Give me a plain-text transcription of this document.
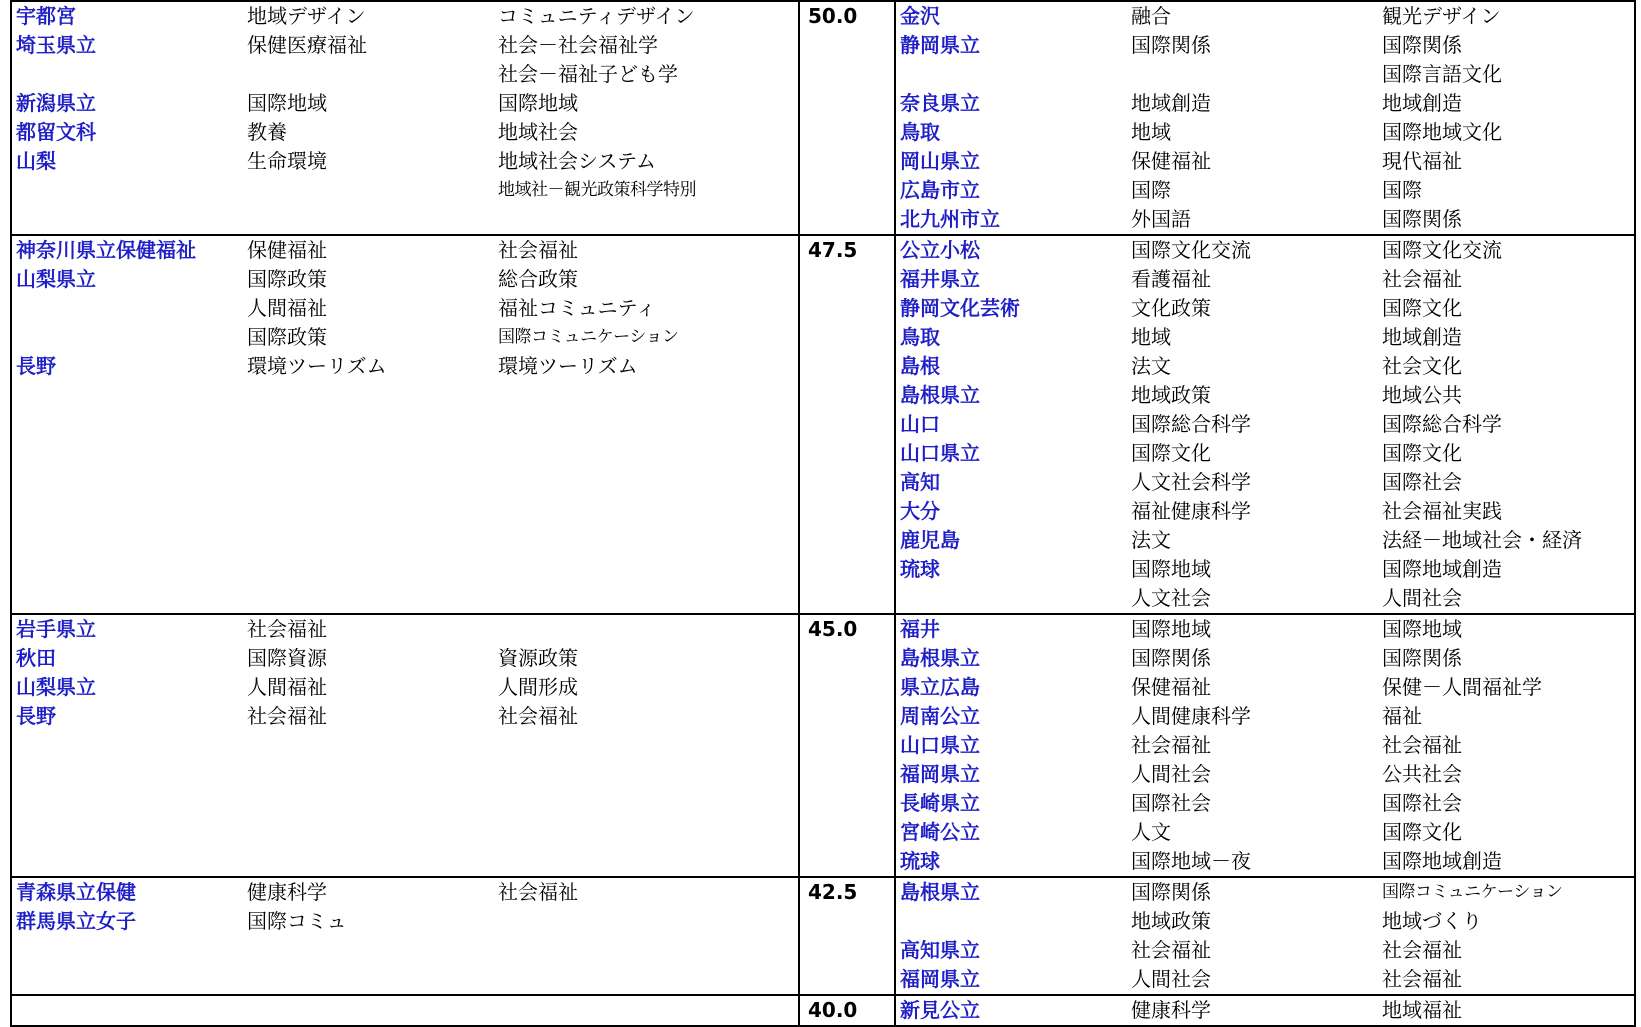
宇都宮	地域デザイン	コミュニティデザイン	50.0	金沢	融合	観光デザイン
埼玉県立	保健医療福祉	社会－社会福祉学		静岡県立	国際関係	国際関係
		社会－福祉子ども学				国際言語文化
新潟県立	国際地域	国際地域		奈良県立	地域創造	地域創造
都留文科	教養	地域社会		鳥取	地域	国際地域文化
山梨	生命環境	地域社会システム		岡山県立	保健福祉	現代福祉
		地域社－観光政策科学特別		広島市立	国際	国際
				北九州市立	外国語	国際関係
神奈川県立保健福祉	保健福祉	社会福祉	47.5	公立小松	国際文化交流	国際文化交流
山梨県立	国際政策	総合政策		福井県立	看護福祉	社会福祉
	人間福祉	福祉コミュニティ		静岡文化芸術	文化政策	国際文化
	国際政策	国際コミュニケーション		鳥取	地域	地域創造
長野	環境ツーリズム	環境ツーリズム		島根	法文	社会文化
				島根県立	地域政策	地域公共
				山口	国際総合科学	国際総合科学
				山口県立	国際文化	国際文化
				高知	人文社会科学	国際社会
				大分	福祉健康科学	社会福祉実践
				鹿児島	法文	法経－地域社会・経済
				琉球	国際地域	国際地域創造
					人文社会	人間社会
岩手県立	社会福祉		45.0	福井	国際地域	国際地域
秋田	国際資源	資源政策		島根県立	国際関係	国際関係
山梨県立	人間福祉	人間形成		県立広島	保健福祉	保健－人間福祉学
長野	社会福祉	社会福祉		周南公立	人間健康科学	福祉
				山口県立	社会福祉	社会福祉
				福岡県立	人間社会	公共社会
				長崎県立	国際社会	国際社会
				宮崎公立	人文	国際文化
				琉球	国際地域－夜	国際地域創造
青森県立保健	健康科学	社会福祉	42.5	島根県立	国際関係	国際コミュニケーション
群馬県立女子	国際コミュ				地域政策	地域づくり
				高知県立	社会福祉	社会福祉
				福岡県立	人間社会	社会福祉
			40.0	新見公立	健康科学	地域福祉
